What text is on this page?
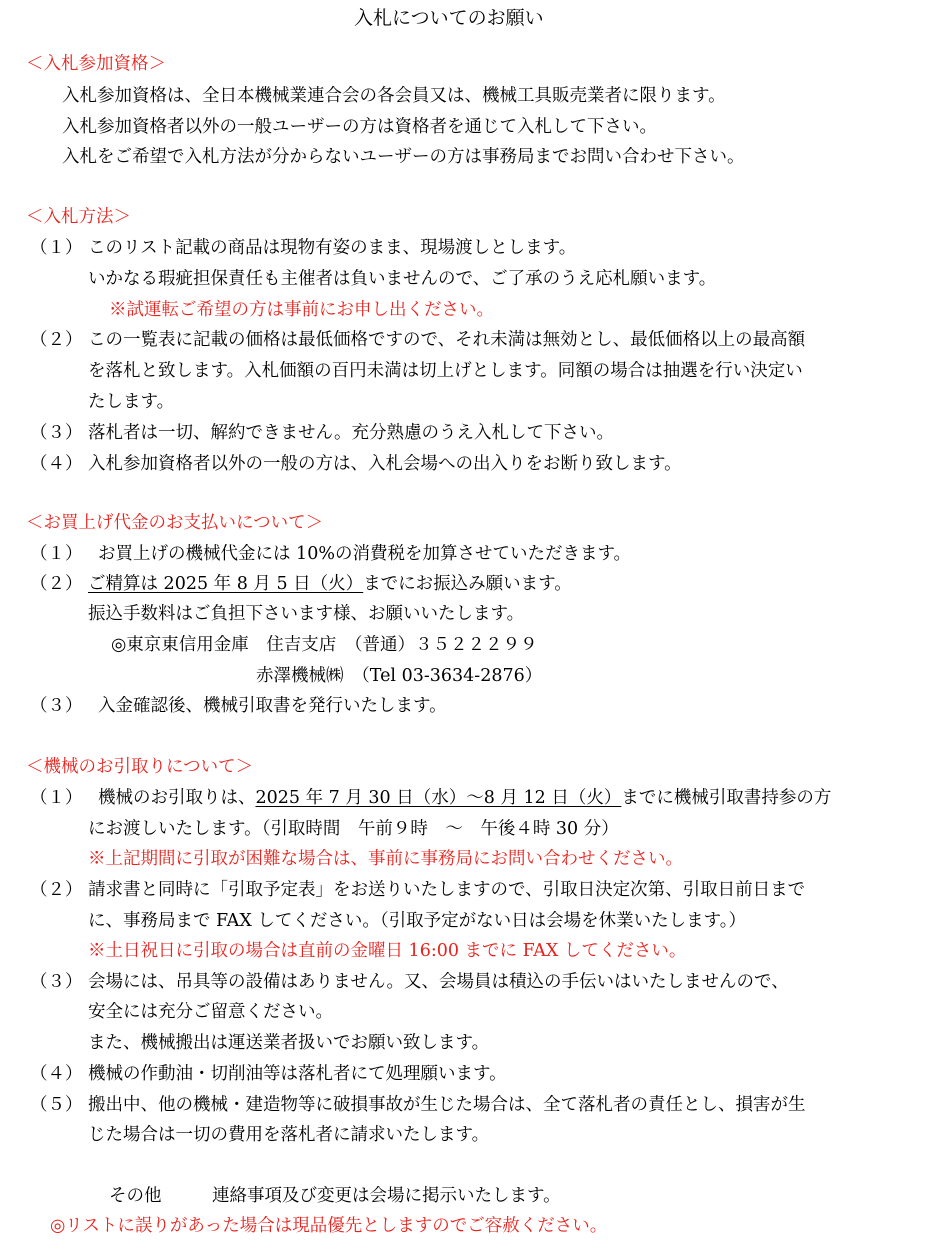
入札についてのお願い
＜入札参加資格＞
入札参加資格は、全日本機械業連合会の各会員又は、機械工具販売業者に限ります。
入札参加資格者以外の一般ユーザーの方は資格者を通じて入札して下さい。
入札をご希望で入札方法が分からないユーザーの方は事務局までお問い合わせ下さい。
＜入札方法＞
（１） このリスト記載の商品は現物有姿のまま、現場渡しとします。
いかなる瑕疵担保責任も主催者は負いませんので、ご了承のうえ応札願います。
※試運転ご希望の方は事前にお申し出ください。
（２） この一覧表に記載の価格は最低価格ですので、それ未満は無効とし、最低価格以上の最高額
を落札と致します。入札価額の百円未満は切上げとします。同額の場合は抽選を行い決定い
たします。
（３） 落札者は一切、解約できません。充分熟慮のうえ入札して下さい。
（４） 入札参加資格者以外の一般の方は、入札会場への出入りをお断り致します。
＜お買上げ代金のお支払いについて＞
（１） お買上げの機械代金には 10%の消費税を加算させていただきます。
（２） ご精算は 2025 年 8 月 5 日（火）までにお振込み願います。
振込手数料はご負担下さいます様、お願いいたします。
◎東京東信用金庫　住吉支店　（普通）３５２２２９９
赤澤機械㈱　（Tel 03-3634-2876）
（３） 入金確認後、機械引取書を発行いたします。
＜機械のお引取りについて＞
（１） 機械のお引取りは、2025 年 7 月 30 日（水）～8 月 12 日（火）までに機械引取書持参の方
にお渡しいたします。（引取時間　午前９時　～　午後４時 30 分）
※上記期間に引取が困難な場合は、事前に事務局にお問い合わせください。
（２） 請求書と同時に「引取予定表」をお送りいたしますので、引取日決定次第、引取日前日まで
に、事務局まで FAX してください。（引取予定がない日は会場を休業いたします。）
※土日祝日に引取の場合は直前の金曜日 16:00 までに FAX してください。
（３） 会場には、吊具等の設備はありません。又、会場員は積込の手伝いはいたしませんので、
安全には充分ご留意ください。
また、機械搬出は運送業者扱いでお願い致します。
（４） 機械の作動油・切削油等は落札者にて処理願います。
（５） 搬出中、他の機械・建造物等に破損事故が生じた場合は、全て落札者の責任とし、損害が生
じた場合は一切の費用を落札者に請求いたします。
その他	連絡事項及び変更は会場に掲示いたします。
◎リストに誤りがあった場合は現品優先としますのでご容赦ください。
